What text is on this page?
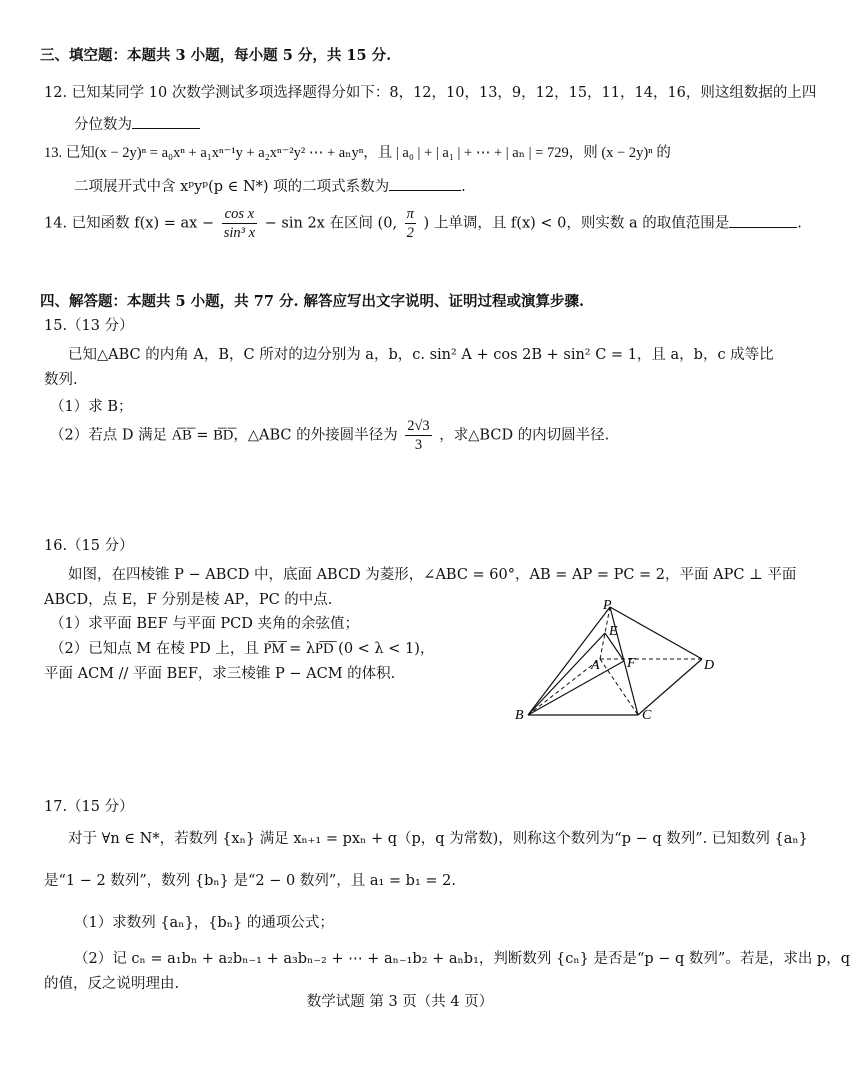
三、填空题：本题共 3 小题，每小题 5 分，共 15 分.
12. 已知某同学 10 次数学测试多项选择题得分如下：8，12，10，13，9，12，15，11，14，16，则这组数据的上四
分位数为
13. 已知(x − 2y)ⁿ = a₀xⁿ + a₁xⁿ⁻¹y + a₂xⁿ⁻²y² ⋯ + aₙyⁿ，且 | a₀ | + | a₁ | + ⋯ + | aₙ | = 729，则 (x − 2y)ⁿ 的
二项展开式中含 xᵖyᵖ(p ∈ N*) 项的二项式系数为	.
14. 已知函数 f(x) = ax − $\frac{\text{cos x}}{\text{sin³ x}} - \sin 2x$ 在区间 (0, $\frac{\pi}{2}$ ) 上单调，且 f(x) < 0，则实数 a 的取值范围是	.
四、解答题：本题共 5 小题，共 77 分. 解答应写出文字说明、证明过程或演算步骤.
15.（13 分）
已知△ABC 的内角 A，B，C 所对的边分别为 a，b，c. sin² A + cos 2B + sin² C = 1，且 a，b，c 成等比
数列.
（1）求 B；
（2）若点 D 满足 A͞B͞ = B͞D͞，△ABC 的外接圆半径为 $\frac{2√3}{3}$ ，求△BCD 的内切圆半径.
16.（15 分）
如图，在四棱锥 P − ABCD 中，底面 ABCD 为菱形，∠ABC = 60°，AB = AP = PC = 2，平面 APC ⊥ 平面
ABCD，点 E，F 分别是棱 AP，PC 的中点.
（1）求平面 BEF 与平面 PCD 夹角的余弦值；
（2）已知点 M 在棱 PD 上，且 P͞M͞ = λP͞D͞ (0 < λ < 1)，
平面 ACM // 平面 BEF，求三棱锥 P − ACM 的体积.
P
E
A F	D
B	C
17.（15 分）
对于 ∀n ∈ N*，若数列 {xₙ} 满足 xₙ₊₁ = pxₙ + q（p，q 为常数)，则称这个数列为“p − q 数列”. 已知数列 {aₙ}
是“1 − 2 数列”，数列 {bₙ} 是“2 − 0 数列”，且 a₁ = b₁ = 2.
（1）求数列 {aₙ}，{bₙ} 的通项公式；
（2）记 cₙ = a₁bₙ + a₂bₙ₋₁ + a₃bₙ₋₂ + ⋯ + aₙ₋₁b₂ + aₙb₁，判断数列 {cₙ} 是否是“p − q 数列”。若是，求出 p，q
的值，反之说明理由.
数学试题 第 3 页（共 4 页）
